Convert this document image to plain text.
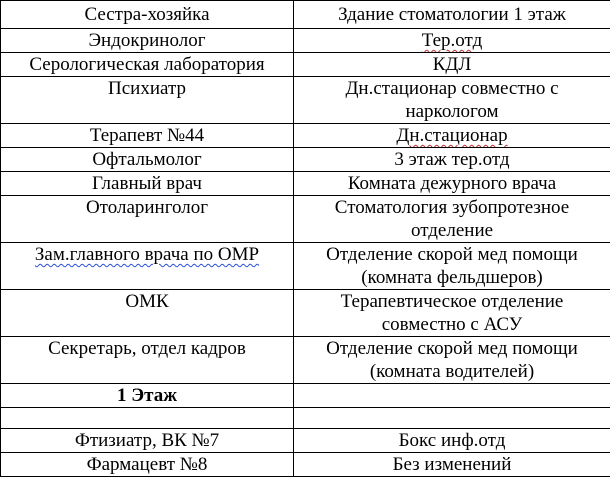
Сестра-хозяйка	Здание стоматологии 1 этаж
Эндокринолог	Тер.отд
Серологическая лаборатория	КДЛ
Психиатр	Дн.стационар совместно с наркологом
Терапевт №44	Дн.стационар
Офтальмолог	3 этаж тер.отд
Главный врач	Комната дежурного врача
Отоларинголог	Стоматология зубопротезное отделение
Зам.главного врача по ОМР	Отделение скорой мед помощи (комната фельдшеров)
ОМК	Терапевтическое отделение совместно с АСУ
Секретарь, отдел кадров	Отделение скорой мед помощи (комната водителей)
1 Этаж	

Фтизиатр, ВК №7	Бокс инф.отд
Фармацевт №8	Без изменений
